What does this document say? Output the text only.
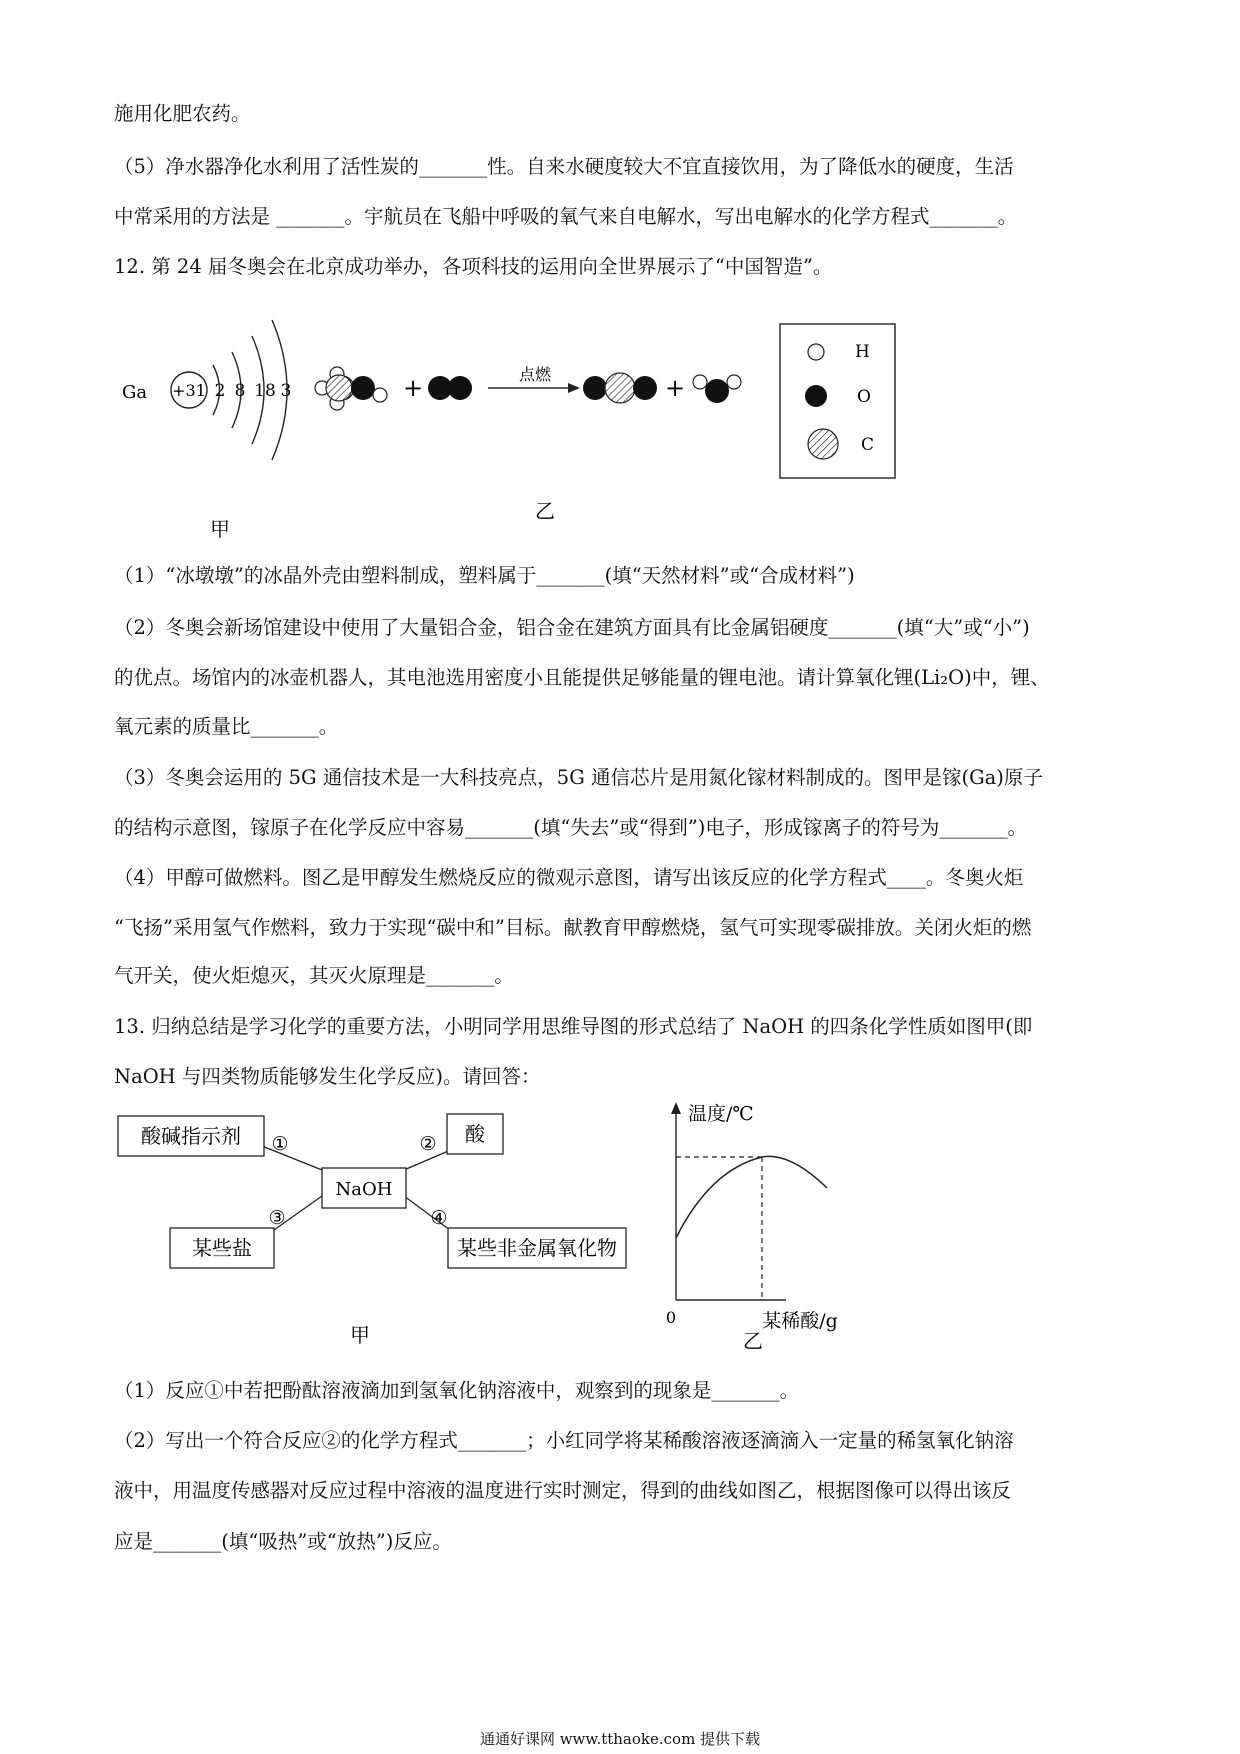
施用化肥农药。
（5）净水器净化水利用了活性炭的_______性。自来水硬度较大不宜直接饮用，为了降低水的硬度，生活
中常采用的方法是 _______。宇航员在飞船中呼吸的氧气来自电解水，写出电解水的化学方程式_______。
12. 第 24 届冬奥会在北京成功举办，各项科技的运用向全世界展示了“中国智造”。
Ga +31 2 8 18 3
甲
+	点燃	+
乙
H
O
C
（1）“冰墩墩”的冰晶外壳由塑料制成，塑料属于_______(填“天然材料”或“合成材料”)
（2）冬奥会新场馆建设中使用了大量铝合金，铝合金在建筑方面具有比金属铝硬度_______(填“大”或“小”)
的优点。场馆内的冰壶机器人，其电池选用密度小且能提供足够能量的锂电池。请计算氧化锂(Li₂O)中，锂、
氧元素的质量比_______。
（3）冬奥会运用的 5G 通信技术是一大科技亮点，5G 通信芯片是用氮化镓材料制成的。图甲是镓(Ga)原子
的结构示意图，镓原子在化学反应中容易_______(填“失去”或“得到”)电子，形成镓离子的符号为_______。
（4）甲醇可做燃料。图乙是甲醇发生燃烧反应的微观示意图，请写出该反应的化学方程式____。冬奥火炬
“飞扬”采用氢气作燃料，致力于实现“碳中和”目标。献教育甲醇燃烧，氢气可实现零碳排放。关闭火炬的燃
气开关，使火炬熄灭，其灭火原理是_______。
13. 归纳总结是学习化学的重要方法，小明同学用思维导图的形式总结了 NaOH 的四条化学性质如图甲(即
NaOH 与四类物质能够发生化学反应)。请回答：
NaOH
酸碱指示剂	酸
某些盐	某些非金属氧化物
①	②
③	④
甲
温度/℃
0	某稀酸/g
乙
（1）反应①中若把酚酞溶液滴加到氢氧化钠溶液中，观察到的现象是_______。
（2）写出一个符合反应②的化学方程式_______；小红同学将某稀酸溶液逐滴滴入一定量的稀氢氧化钠溶
液中，用温度传感器对反应过程中溶液的温度进行实时测定，得到的曲线如图乙，根据图像可以得出该反
应是_______(填“吸热”或“放热”)反应。
通通好课网 www.tthaoke.com 提供下载
